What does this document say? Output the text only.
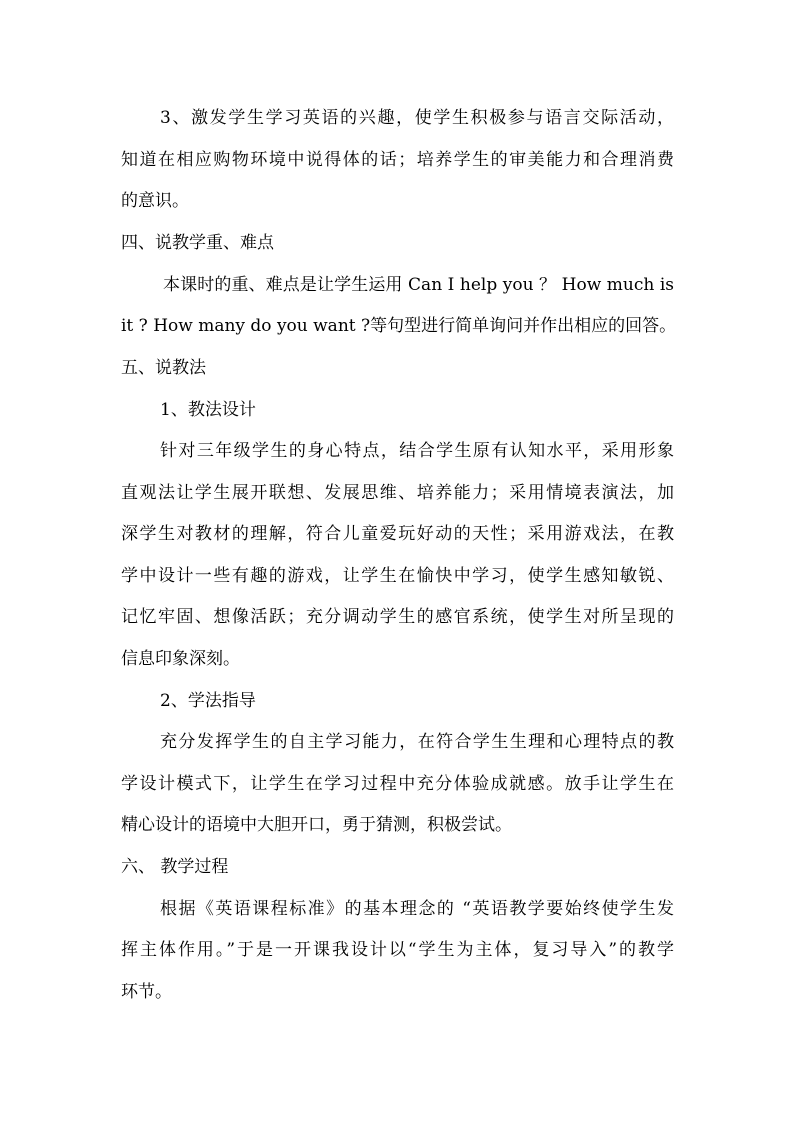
3、激发学生学习英语的兴趣，使学生积极参与语言交际活动，

知道在相应购物环境中说得体的话；培养学生的审美能力和合理消费

的意识。

四、说教学重、难点

本课时的重、难点是让学生运用 Can I help you ？ How much is

it ? How many do you want ?等句型进行简单询问并作出相应的回答。

五、说教法

1、教法设计

针对三年级学生的身心特点，结合学生原有认知水平，采用形象

直观法让学生展开联想、发展思维、培养能力；采用情境表演法，加

深学生对教材的理解，符合儿童爱玩好动的天性；采用游戏法，在教

学中设计一些有趣的游戏，让学生在愉快中学习，使学生感知敏锐、

记忆牢固、想像活跃；充分调动学生的感官系统，使学生对所呈现的

信息印象深刻。

2、学法指导

充分发挥学生的自主学习能力，在符合学生生理和心理特点的教

学设计模式下，让学生在学习过程中充分体验成就感。放手让学生在

精心设计的语境中大胆开口，勇于猜测，积极尝试。

六、 教学过程

根据《英语课程标准》的基本理念的 “英语教学要始终使学生发

挥主体作用。”于是一开课我设计以“学生为主体，复习导入”的教学

环节。
